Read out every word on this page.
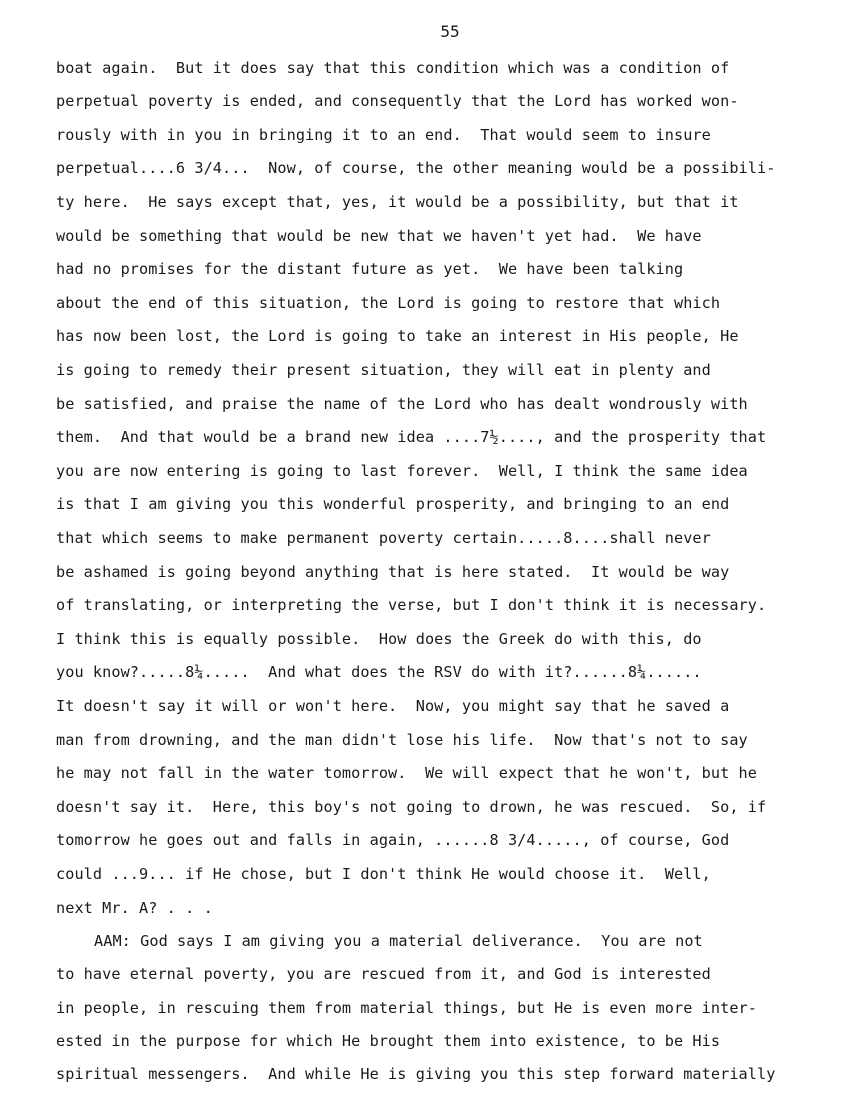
55
boat again.  But it does say that this condition which was a condition of
perpetual poverty is ended, and consequently that the Lord has worked won-
rously with in you in bringing it to an end.  That would seem to insure
perpetual....6 3/4...  Now, of course, the other meaning would be a possibili-
ty here.  He says except that, yes, it would be a possibility, but that it
would be something that would be new that we haven't yet had.  We have
had no promises for the distant future as yet.  We have been talking
about the end of this situation, the Lord is going to restore that which
has now been lost, the Lord is going to take an interest in His people, He
is going to remedy their present situation, they will eat in plenty and
be satisfied, and praise the name of the Lord who has dealt wondrously with
them.  And that would be a brand new idea ....7½...., and the prosperity that
you are now entering is going to last forever.  Well, I think the same idea
is that I am giving you this wonderful prosperity, and bringing to an end
that which seems to make permanent poverty certain.....8....shall never
be ashamed is going beyond anything that is here stated.  It would be way
of translating, or interpreting the verse, but I don't think it is necessary.
I think this is equally possible.  How does the Greek do with this, do
you know?.....8¼.....  And what does the RSV do with it?......8¼......
It doesn't say it will or won't here.  Now, you might say that he saved a
man from drowning, and the man didn't lose his life.  Now that's not to say
he may not fall in the water tomorrow.  We will expect that he won't, but he
doesn't say it.  Here, this boy's not going to drown, he was rescued.  So, if
tomorrow he goes out and falls in again, ......8 3/4....., of course, God
could ...9... if He chose, but I don't think He would choose it.  Well,
next Mr. A? . . .
AAM: God says I am giving you a material deliverance.  You are not
to have eternal poverty, you are rescued from it, and God is interested
in people, in rescuing them from material things, but He is even more inter-
ested in the purpose for which He brought them into existence, to be His
spiritual messengers.  And while He is giving you this step forward materially
